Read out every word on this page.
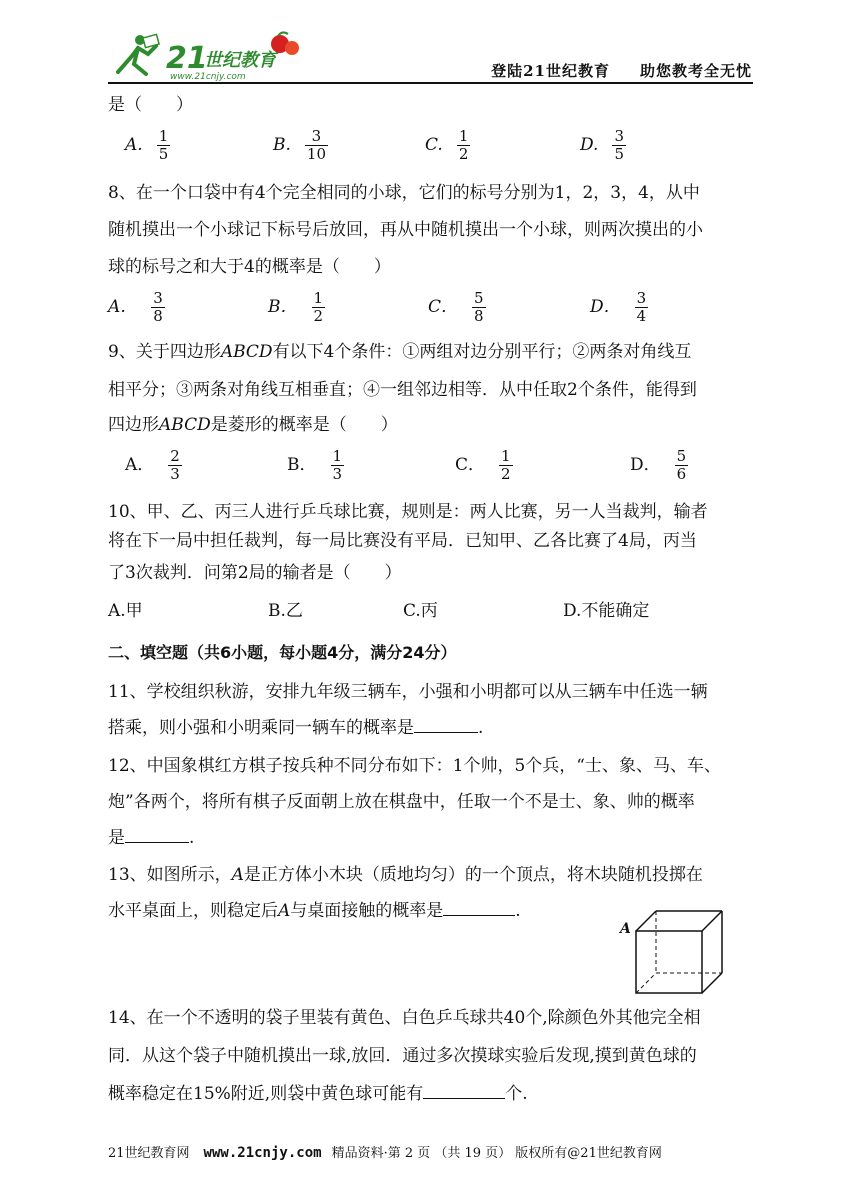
21
世纪教育
www.21cnjy.com	登陆21世纪教育 助您教考全无忧
是（　　）
A. $\frac{1}{5}$	B. $\frac{3}{10}$	C. $\frac{1}{2}$	D. $\frac{3}{5}$
8、在一个口袋中有4个完全相同的小球，它们的标号分别为1，2，3，4，从中
随机摸出一个小球记下标号后放回，再从中随机摸出一个小球，则两次摸出的小
球的标号之和大于4的概率是（　　）
A． $\frac{3}{8}$	B． $\frac{1}{2}$	C． $\frac{5}{8}$	D． $\frac{3}{4}$
9、关于四边形ABCD有以下4个条件：①两组对边分别平行；②两条对角线互
相平分；③两条对角线互相垂直；④一组邻边相等．从中任取2个条件，能得到
四边形ABCD是菱形的概率是（　　）
A． $\frac{2}{3}$	B． $\frac{1}{3}$	C． $\frac{1}{2}$	D． $\frac{5}{6}$
10、甲、乙、丙三人进行乒乓球比赛，规则是：两人比赛，另一人当裁判，输者
将在下一局中担任裁判，每一局比赛没有平局．已知甲、乙各比赛了4局，丙当
了3次裁判．问第2局的输者是（　　）
A.甲	B.乙	C.丙	D.不能确定
二、填空题（共6小题，每小题4分，满分24分）
11、学校组织秋游，安排九年级三辆车，小强和小明都可以从三辆车中任选一辆
搭乘，则小强和小明乘同一辆车的概率是	.
12、中国象棋红方棋子按兵种不同分布如下：1个帅，5个兵，“士、象、马、车、
炮”各两个，将所有棋子反面朝上放在棋盘中，任取一个不是士、象、帅的概率
是	.
13、如图所示，A是正方体小木块（质地均匀）的一个顶点，将木块随机投掷在
水平桌面上，则稳定后A与桌面接触的概率是	.
A
14、在一个不透明的袋子里装有黄色、白色乒乓球共40个,除颜色外其他完全相
同．从这个袋子中随机摸出一球,放回．通过多次摸球实验后发现,摸到黄色球的
概率稳定在15%附近,则袋中黄色球可能有	个.
21世纪教育网 www.21cnjy.com 精品资料·第 2 页 （共 19 页） 版权所有@21世纪教育网
